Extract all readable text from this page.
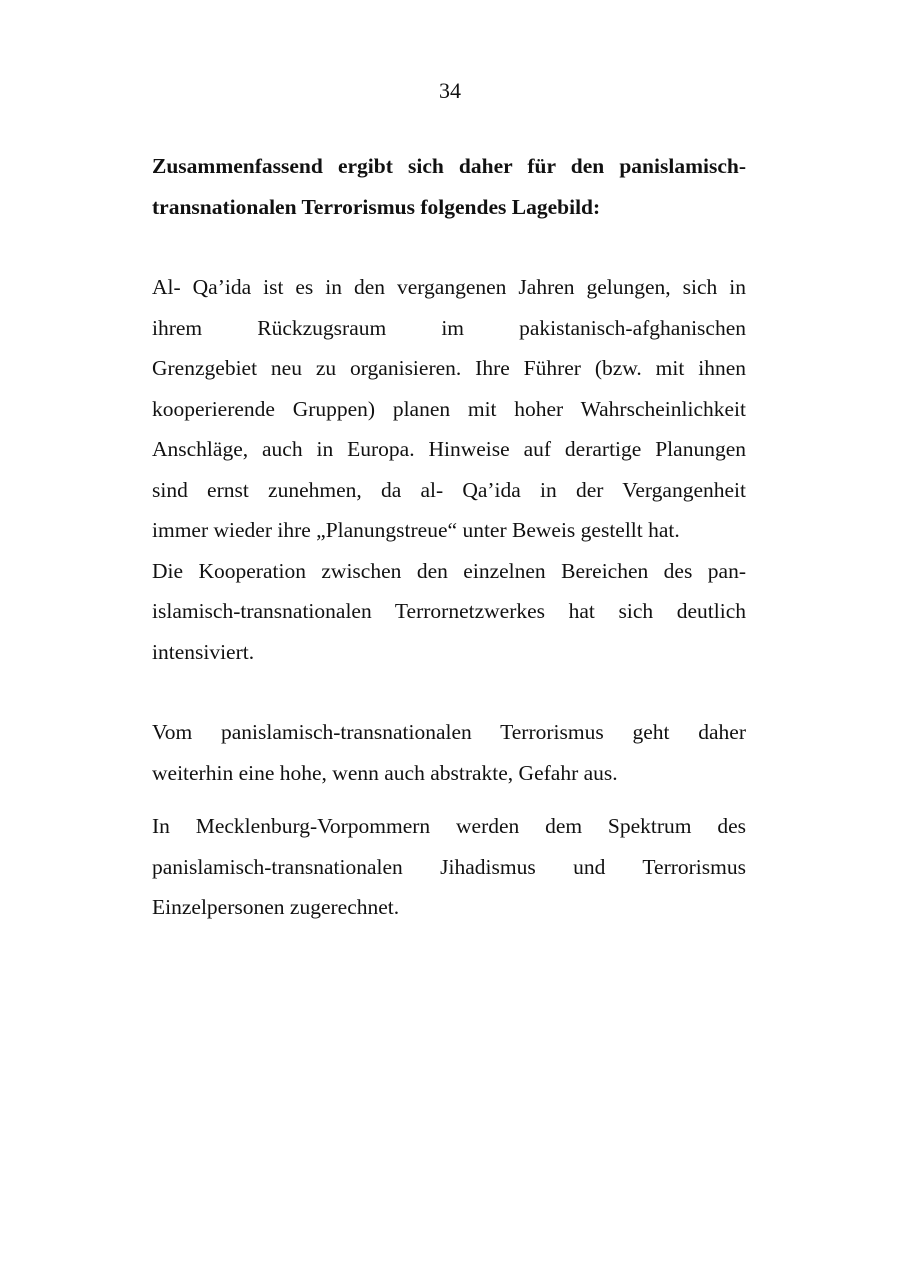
34

Zusammenfassend ergibt sich daher für den panislamisch-
transnationalen Terrorismus folgendes Lagebild:

Al- Qa’ida ist es in den vergangenen Jahren gelungen, sich in
ihrem Rückzugsraum im pakistanisch-afghanischen
Grenzgebiet neu zu organisieren. Ihre Führer (bzw. mit ihnen
kooperierende Gruppen) planen mit hoher Wahrscheinlichkeit
Anschläge, auch in Europa. Hinweise auf derartige Planungen
sind ernst zunehmen, da al- Qa’ida in der Vergangenheit
immer wieder ihre „Planungstreue“ unter Beweis gestellt hat.

Die Kooperation zwischen den einzelnen Bereichen des pan-
islamisch-transnationalen Terrornetzwerkes hat sich deutlich
intensiviert.

Vom panislamisch-transnationalen Terrorismus geht daher
weiterhin eine hohe, wenn auch abstrakte, Gefahr aus.

In Mecklenburg-Vorpommern werden dem Spektrum des
panislamisch-transnationalen Jihadismus und Terrorismus
Einzelpersonen zugerechnet.
